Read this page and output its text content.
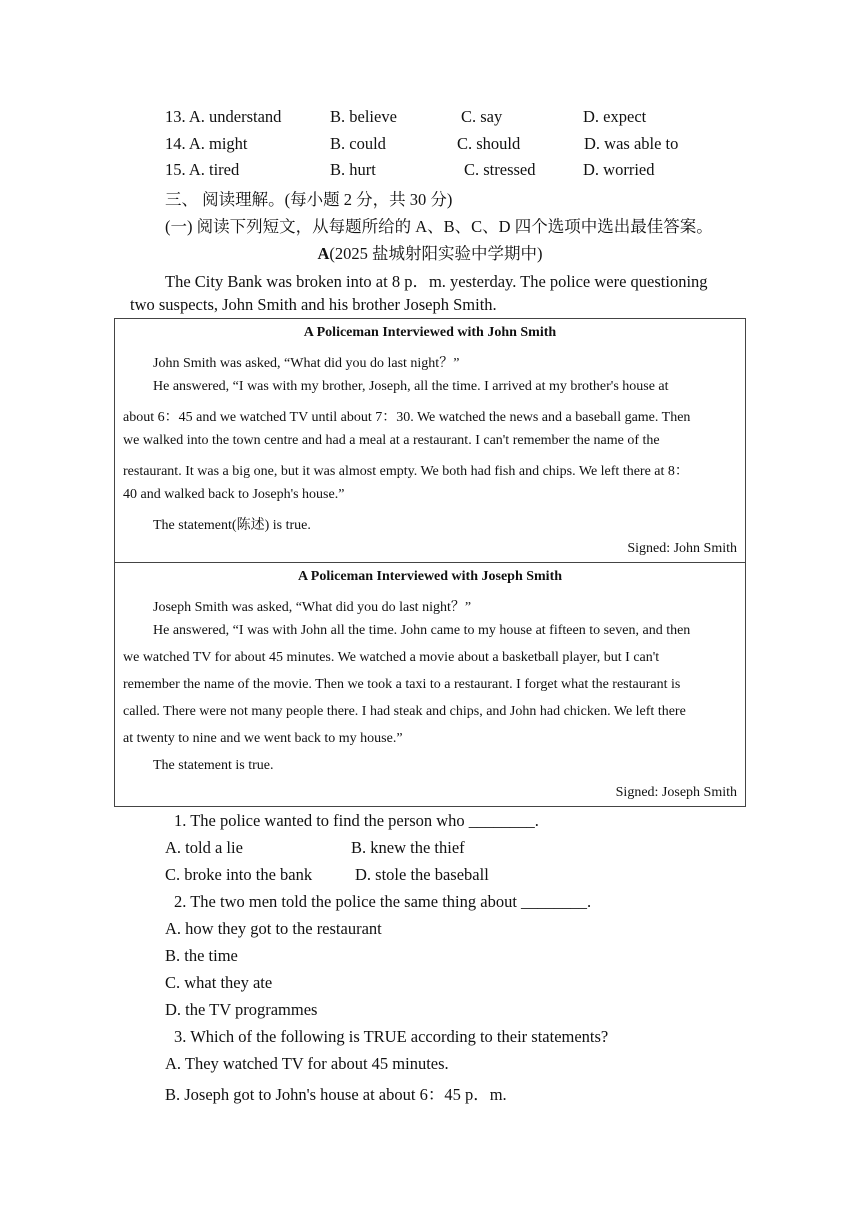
13. A. understand	B. believe	C. say	D. expect
14. A. might	B. could	C. should	D. was able to
15. A. tired	B. hurt	C. stressed	D. worried
三、 阅读理解。(每小题 2 分，共 30 分)
(一) 阅读下列短文，从每题所给的 A、B、C、D 四个选项中选出最佳答案。
A(2025 盐城射阳实验中学期中)
The City Bank was broken into at 8 p．m. yesterday. The police were questioning
two suspects, John Smith and his brother Joseph Smith.
A Policeman Interviewed with John Smith
John Smith was asked, “What did you do last night？”
He answered, “I was with my brother, Joseph, all the time. I arrived at my brother's house at
about 6：45 and we watched TV until about 7：30. We watched the news and a baseball game. Then
we walked into the town centre and had a meal at a restaurant. I can't remember the name of the
restaurant. It was a big one, but it was almost empty. We both had fish and chips. We left there at 8：
40 and walked back to Joseph's house.”
The statement(陈述) is true.
Signed: John Smith
A Policeman Interviewed with Joseph Smith
Joseph Smith was asked, “What did you do last night？”
He answered, “I was with John all the time. John came to my house at fifteen to seven, and then
we watched TV for about 45 minutes. We watched a movie about a basketball player, but I can't
remember the name of the movie. Then we took a taxi to a restaurant. I forget what the restaurant is
called. There were not many people there. I had steak and chips, and John had chicken. We left there
at twenty to nine and we went back to my house.”
The statement is true.
Signed: Joseph Smith
1. The police wanted to find the person who ________.
A. told a lie	B. knew the thief
C. broke into the bank	D. stole the baseball
2. The two men told the police the same thing about ________.
A. how they got to the restaurant
B. the time
C. what they ate
D. the TV programmes
3. Which of the following is TRUE according to their statements?
A. They watched TV for about 45 minutes.
B. Joseph got to John's house at about 6：45 p．m.
